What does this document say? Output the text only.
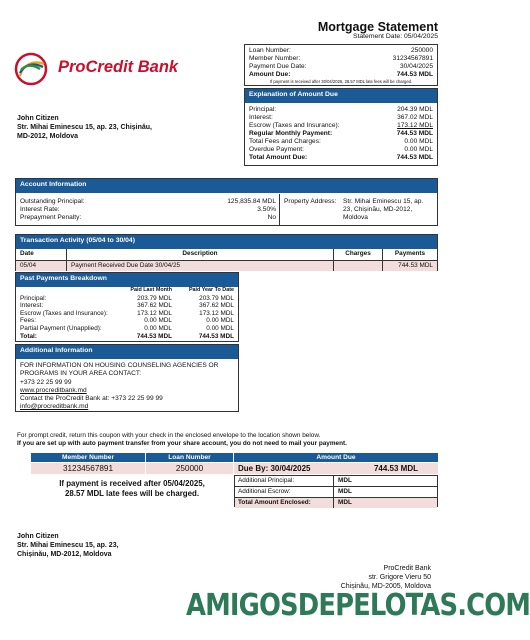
Mortgage Statement
Statement Date: 05/04/2025
ProCredit Bank
John Citizen
Str. Mihai Eminescu 15, ap. 23, Chișinău,
MD-2012, Moldova
Loan Number:	250000
Member Number:	31234567891
Payment Due Date:	30/04/2025
Amount Due:	744.53 MDL
If payment is received after 30/04/2025, 28.57 MDL late fees will be charged.
Explanation of Amount Due
Principal:	204.39 MDL
Interest:	367.02 MDL
Escrow (Taxes and Insurance):	173.12 MDL
Regular Monthly Payment:	744.53 MDL
Total Fees and Charges:	0.00 MDL
Overdue Payment:	0.00 MDL
Total Amount Due:	744.53 MDL
Account Information
Outstanding Principal:	125,835.84 MDL
Interest Rate:	3.50%
Prepayment Penalty:	No
Property Address: Str. Mihai Eminescu 15, ap.
23, Chișinău, MD-2012,
Moldova
Transaction Activity (05/04 to 30/04)
Date	Description	Charges	Payments
05/04	Payment Received Due Date 30/04/25		744.53 MDL
Past Payments Breakdown
	Paid Last Month	Paid Year To Date
Principal:	203.79 MDL	203.79 MDL
Interest:	367.62 MDL	367.62 MDL
Escrow (Taxes and Insurance):	173.12 MDL	173.12 MDL
Fees:	0.00 MDL	0.00 MDL
Partial Payment (Unapplied):	0.00 MDL	0.00 MDL
Total:	744.53 MDL	744.53 MDL
Additional Information
FOR INFORMATION ON HOUSING COUNSELING AGENCIES OR
PROGRAMS IN YOUR AREA CONTACT:
+373 22 25 99 99
www.procreditbank.md
Contact the ProCredit Bank at: +373 22 25 99 99
info@procreditbank.md
For prompt credit, return this coupon with your check in the enclosed envelope to the location shown below.
If you are set up with auto payment transfer from your share account, you do not need to mail your payment.
Member Number	Loan Number	Amount Due
31234567891	250000	Due By: 30/04/2025	744.53 MDL
If payment is received after 05/04/2025,
28.57 MDL late fees will be charged.
Additional Principal:	MDL
Additional Escrow:	MDL
Total Amount Enclosed:	MDL
John Citizen
Str. Mihai Eminescu 15, ap. 23,
Chișinău, MD-2012, Moldova
ProCredit Bank
str. Grigore Vieru 50
Chișinău, MD-2005, Moldova
AMIGOSDEPELOTAS.COM
